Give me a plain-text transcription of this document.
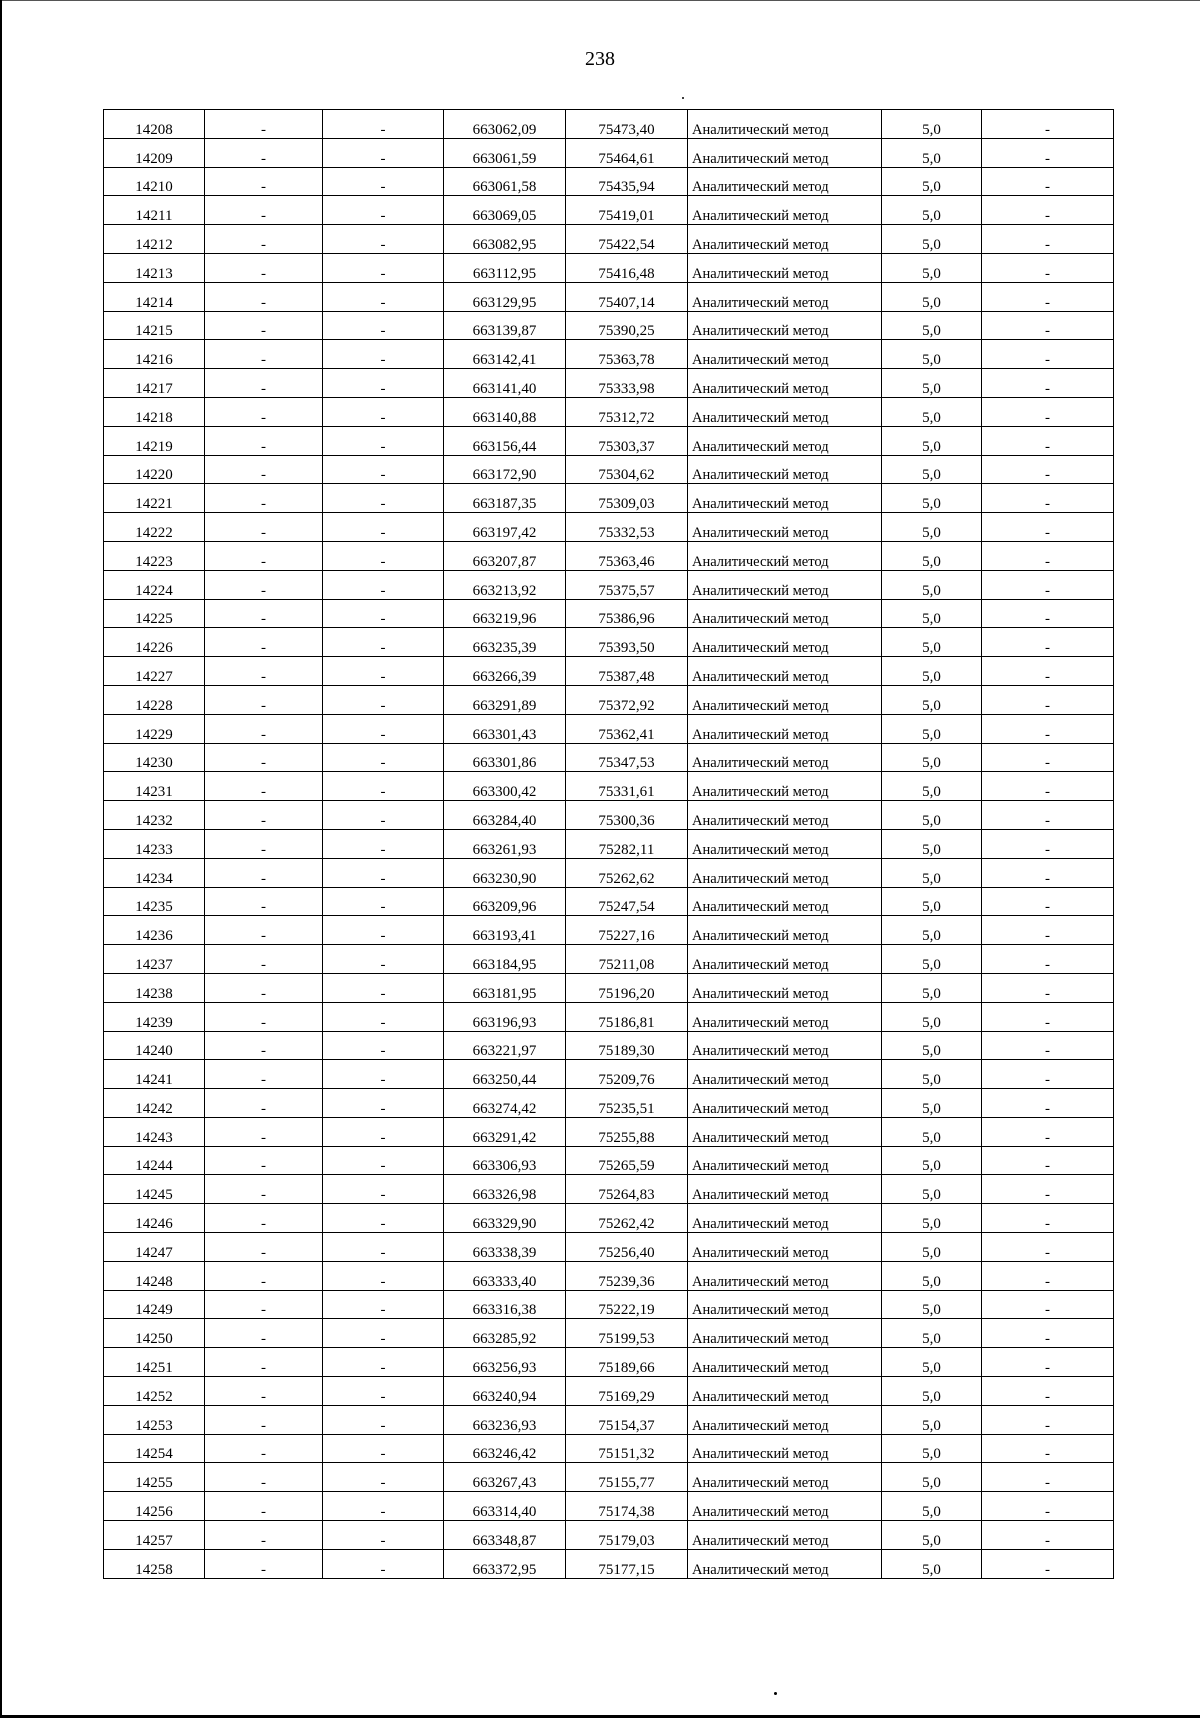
238
14208	-	-	663062,09	75473,40	Аналитический метод	5,0	-
14209	-	-	663061,59	75464,61	Аналитический метод	5,0	-
14210	-	-	663061,58	75435,94	Аналитический метод	5,0	-
14211	-	-	663069,05	75419,01	Аналитический метод	5,0	-
14212	-	-	663082,95	75422,54	Аналитический метод	5,0	-
14213	-	-	663112,95	75416,48	Аналитический метод	5,0	-
14214	-	-	663129,95	75407,14	Аналитический метод	5,0	-
14215	-	-	663139,87	75390,25	Аналитический метод	5,0	-
14216	-	-	663142,41	75363,78	Аналитический метод	5,0	-
14217	-	-	663141,40	75333,98	Аналитический метод	5,0	-
14218	-	-	663140,88	75312,72	Аналитический метод	5,0	-
14219	-	-	663156,44	75303,37	Аналитический метод	5,0	-
14220	-	-	663172,90	75304,62	Аналитический метод	5,0	-
14221	-	-	663187,35	75309,03	Аналитический метод	5,0	-
14222	-	-	663197,42	75332,53	Аналитический метод	5,0	-
14223	-	-	663207,87	75363,46	Аналитический метод	5,0	-
14224	-	-	663213,92	75375,57	Аналитический метод	5,0	-
14225	-	-	663219,96	75386,96	Аналитический метод	5,0	-
14226	-	-	663235,39	75393,50	Аналитический метод	5,0	-
14227	-	-	663266,39	75387,48	Аналитический метод	5,0	-
14228	-	-	663291,89	75372,92	Аналитический метод	5,0	-
14229	-	-	663301,43	75362,41	Аналитический метод	5,0	-
14230	-	-	663301,86	75347,53	Аналитический метод	5,0	-
14231	-	-	663300,42	75331,61	Аналитический метод	5,0	-
14232	-	-	663284,40	75300,36	Аналитический метод	5,0	-
14233	-	-	663261,93	75282,11	Аналитический метод	5,0	-
14234	-	-	663230,90	75262,62	Аналитический метод	5,0	-
14235	-	-	663209,96	75247,54	Аналитический метод	5,0	-
14236	-	-	663193,41	75227,16	Аналитический метод	5,0	-
14237	-	-	663184,95	75211,08	Аналитический метод	5,0	-
14238	-	-	663181,95	75196,20	Аналитический метод	5,0	-
14239	-	-	663196,93	75186,81	Аналитический метод	5,0	-
14240	-	-	663221,97	75189,30	Аналитический метод	5,0	-
14241	-	-	663250,44	75209,76	Аналитический метод	5,0	-
14242	-	-	663274,42	75235,51	Аналитический метод	5,0	-
14243	-	-	663291,42	75255,88	Аналитический метод	5,0	-
14244	-	-	663306,93	75265,59	Аналитический метод	5,0	-
14245	-	-	663326,98	75264,83	Аналитический метод	5,0	-
14246	-	-	663329,90	75262,42	Аналитический метод	5,0	-
14247	-	-	663338,39	75256,40	Аналитический метод	5,0	-
14248	-	-	663333,40	75239,36	Аналитический метод	5,0	-
14249	-	-	663316,38	75222,19	Аналитический метод	5,0	-
14250	-	-	663285,92	75199,53	Аналитический метод	5,0	-
14251	-	-	663256,93	75189,66	Аналитический метод	5,0	-
14252	-	-	663240,94	75169,29	Аналитический метод	5,0	-
14253	-	-	663236,93	75154,37	Аналитический метод	5,0	-
14254	-	-	663246,42	75151,32	Аналитический метод	5,0	-
14255	-	-	663267,43	75155,77	Аналитический метод	5,0	-
14256	-	-	663314,40	75174,38	Аналитический метод	5,0	-
14257	-	-	663348,87	75179,03	Аналитический метод	5,0	-
14258	-	-	663372,95	75177,15	Аналитический метод	5,0	-
